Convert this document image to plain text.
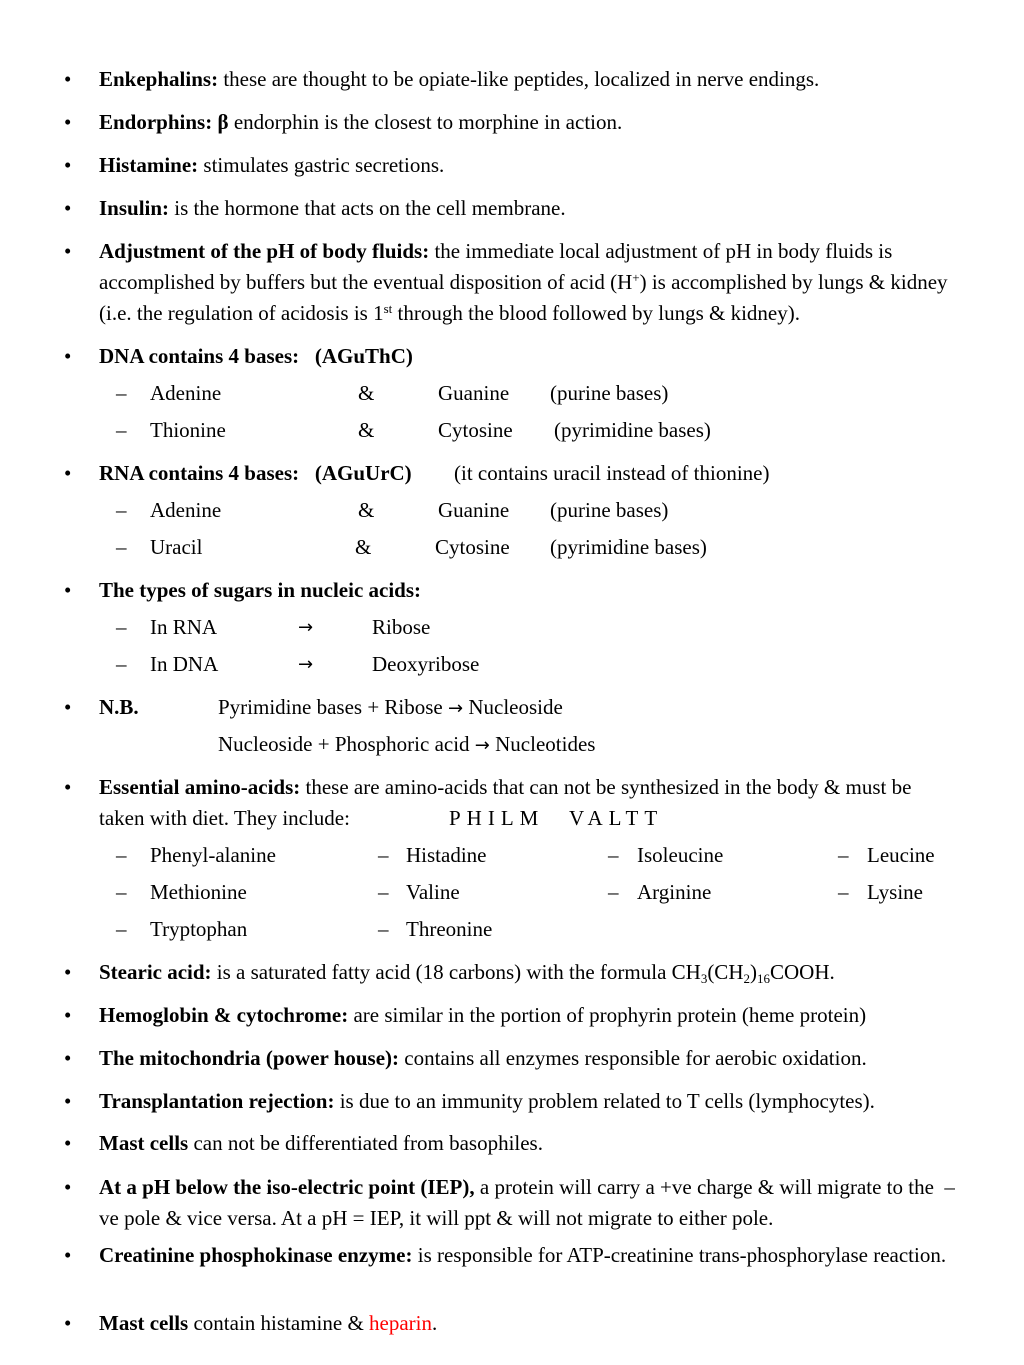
•	Enkephalins: these are thought to be opiate-like peptides, localized in nerve endings.
•	Endorphins: β endorphin is the closest to morphine in action.
•	Histamine: stimulates gastric secretions.
•	Insulin: is the hormone that acts on the cell membrane.
•	Adjustment of the pH of body fluids: the immediate local adjustment of pH in body fluids is accomplished by buffers but the eventual disposition of acid (H+) is accomplished by lungs & kidney (i.e. the regulation of acidosis is 1st through the blood followed by lungs & kidney).
•	DNA contains 4 bases:   (AGuThC)
– Adenine	&	Guanine (purine bases)
– Thionine	&	Cytosine (pyrimidine bases)
•	RNA contains 4 bases:   (AGuUrC) (it contains uracil instead of thionine)
– Adenine	&	Guanine (purine bases)
– Uracil	&	Cytosine (pyrimidine bases)
•	The types of sugars in nucleic acids:
– In RNA	→	Ribose
– In DNA	→	Deoxyribose
•	N.B.	Pyrimidine bases + Ribose → Nucleoside
Nucleoside + Phosphoric acid → Nucleotides
•	Essential amino-acids: these are amino-acids that can not be synthesized in the body & must be taken with diet. They include:	PHILM VALTT
– Phenyl-alanine	– Histadine	– Isoleucine	– Leucine
– Methionine	– Valine	– Arginine	– Lysine
– Tryptophan	– Threonine
•	Stearic acid: is a saturated fatty acid (18 carbons) with the formula $CH_3(CH_2)_{16}COOH$.
•	Hemoglobin & cytochrome: are similar in the portion of prophyrin protein (heme protein)
•	The mitochondria (power house): contains all enzymes responsible for aerobic oxidation.
•	Transplantation rejection: is due to an immunity problem related to T cells (lymphocytes).
•	Mast cells can not be differentiated from basophiles.
•	At a pH below the iso-electric point (IEP), a protein will carry a +ve charge & will migrate to the  – ve pole & vice versa. At a pH = IEP, it will ppt & will not migrate to either pole.
•	Creatinine phosphokinase enzyme: is responsible for ATP-creatinine trans-phosphorylase reaction.
•	Mast cells contain histamine & heparin.
